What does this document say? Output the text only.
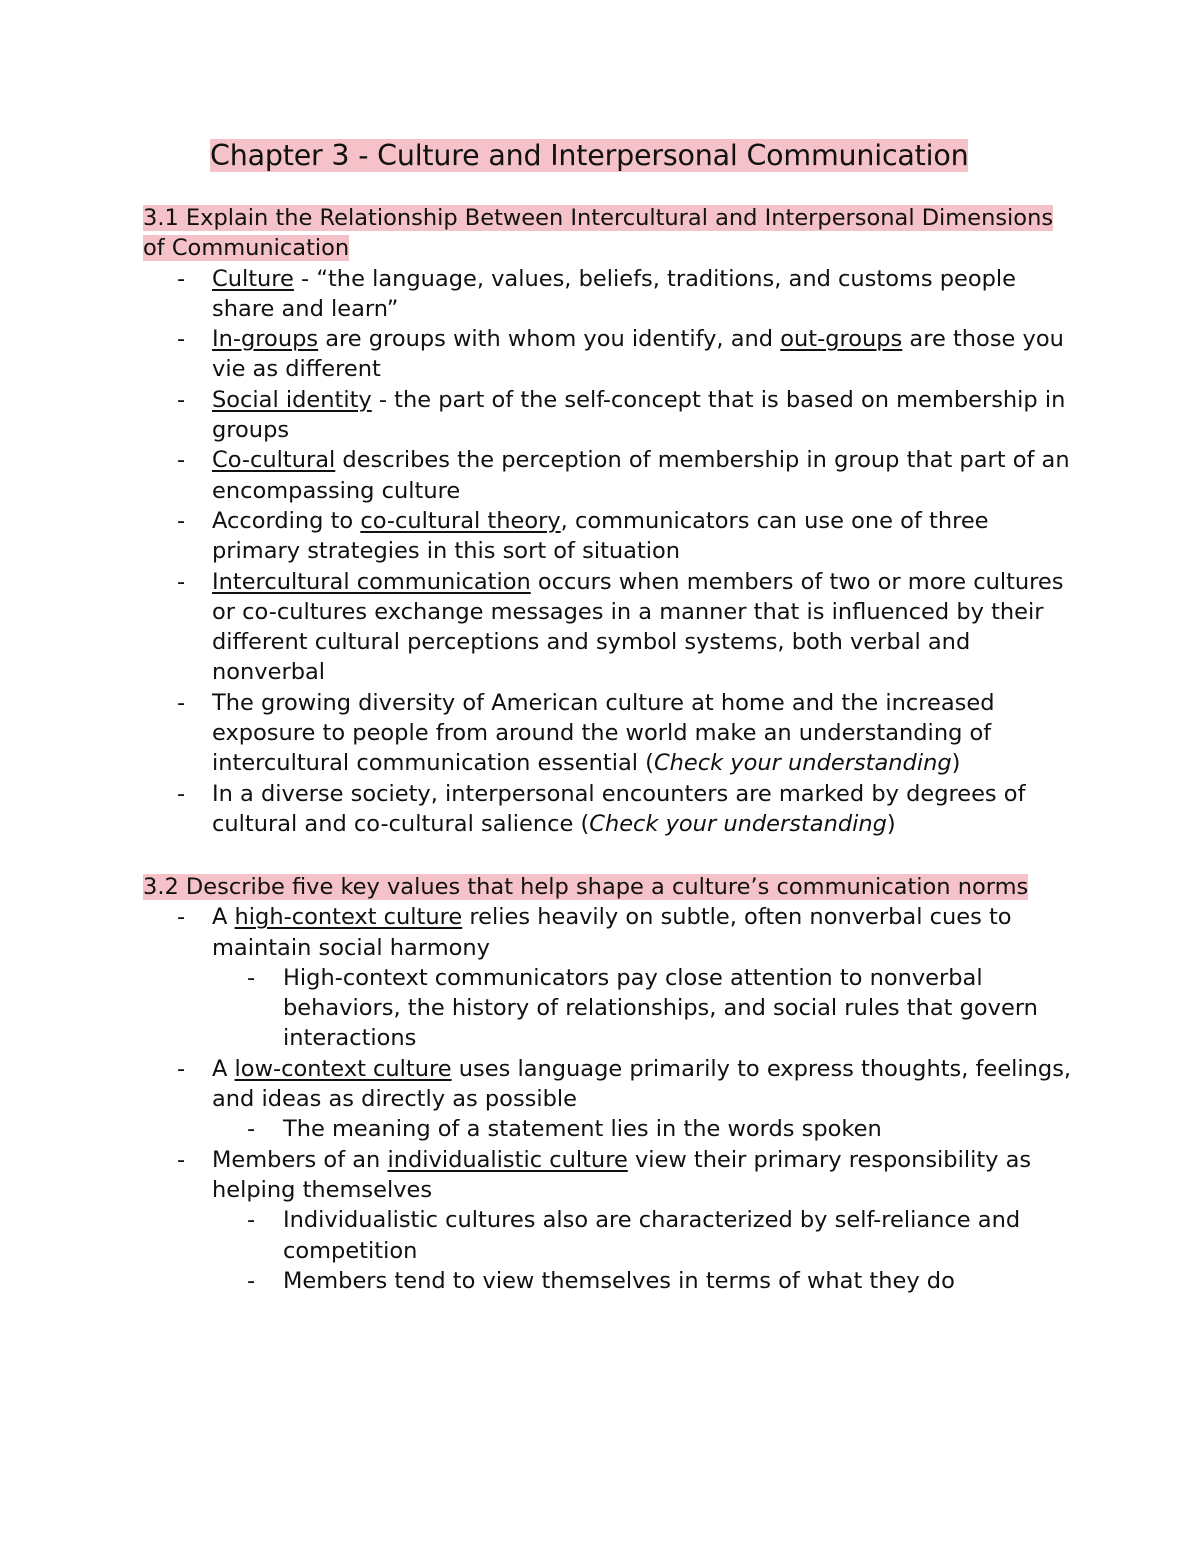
Chapter 3 - Culture and Interpersonal Communication

3.1 Explain the Relationship Between Intercultural and Interpersonal Dimensions of Communication

- Culture - “the language, values, beliefs, traditions, and customs people share and learn”
- In-groups are groups with whom you identify, and out-groups are those you vie as different
- Social identity - the part of the self-concept that is based on membership in groups
- Co-cultural describes the perception of membership in group that part of an encompassing culture
- According to co-cultural theory, communicators can use one of three primary strategies in this sort of situation
- Intercultural communication occurs when members of two or more cultures or co-cultures exchange messages in a manner that is influenced by their different cultural perceptions and symbol systems, both verbal and nonverbal
- The growing diversity of American culture at home and the increased exposure to people from around the world make an understanding of intercultural communication essential (Check your understanding)
- In a diverse society, interpersonal encounters are marked by degrees of cultural and co-cultural salience (Check your understanding)

3.2 Describe five key values that help shape a culture’s communication norms

- A high-context culture relies heavily on subtle, often nonverbal cues to maintain social harmony
- High-context communicators pay close attention to nonverbal behaviors, the history of relationships, and social rules that govern interactions
- A low-context culture uses language primarily to express thoughts, feelings, and ideas as directly as possible
- The meaning of a statement lies in the words spoken
- Members of an individualistic culture view their primary responsibility as helping themselves
- Individualistic cultures also are characterized by self-reliance and competition
- Members tend to view themselves in terms of what they do
